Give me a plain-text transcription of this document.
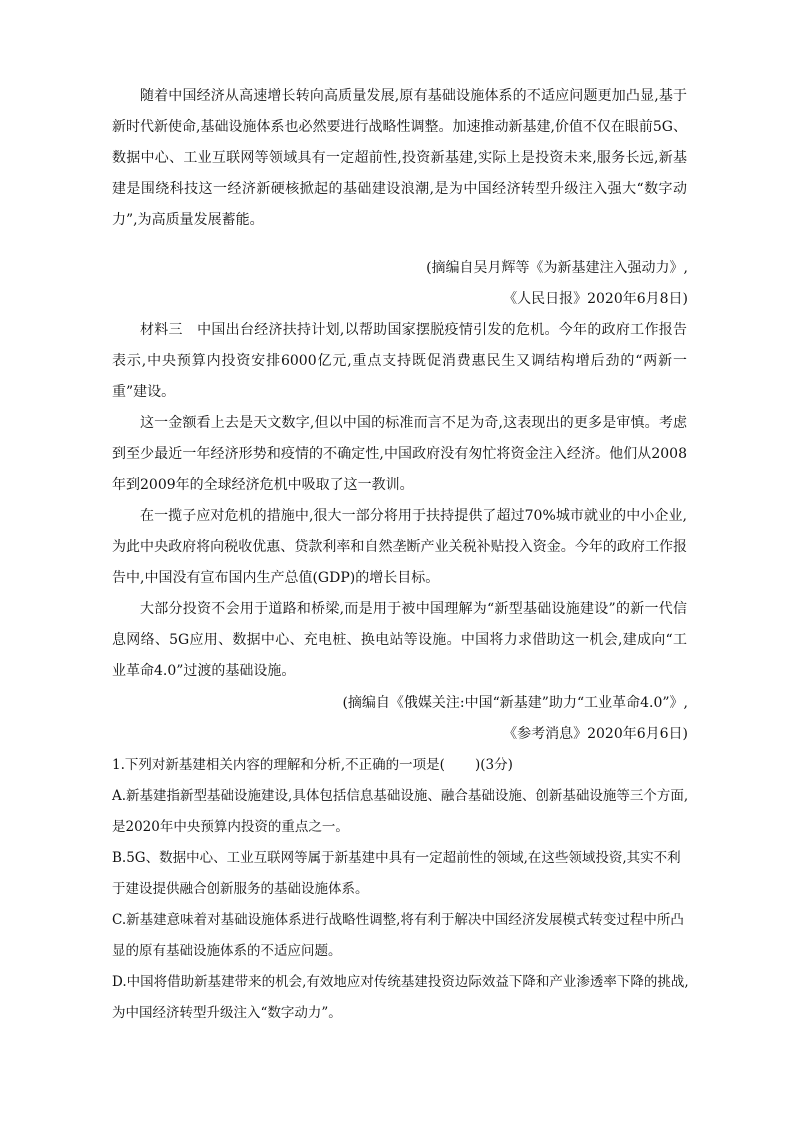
随着中国经济从高速增长转向高质量发展,原有基础设施体系的不适应问题更加凸显,基于新时代新使命,基础设施体系也必然要进行战略性调整。加速推动新基建,价值不仅在眼前5G、数据中心、工业互联网等领域具有一定超前性,投资新基建,实际上是投资未来,服务长远,新基建是围绕科技这一经济新硬核掀起的基础建设浪潮,是为中国经济转型升级注入强大“数字动力”,为高质量发展蓄能。

(摘编自吴月辉等《为新基建注入强动力》,

《人民日报》2020年6月8日)

材料三　中国出台经济扶持计划,以帮助国家摆脱疫情引发的危机。今年的政府工作报告表示,中央预算内投资安排6000亿元,重点支持既促消费惠民生又调结构增后劲的“两新一重”建设。

这一金额看上去是天文数字,但以中国的标准而言不足为奇,这表现出的更多是审慎。考虑到至少最近一年经济形势和疫情的不确定性,中国政府没有匆忙将资金注入经济。他们从2008年到2009年的全球经济危机中吸取了这一教训。

在一揽子应对危机的措施中,很大一部分将用于扶持提供了超过70%城市就业的中小企业,为此中央政府将向税收优惠、贷款利率和自然垄断产业关税补贴投入资金。今年的政府工作报告中,中国没有宣布国内生产总值(GDP)的增长目标。

大部分投资不会用于道路和桥梁,而是用于被中国理解为“新型基础设施建设”的新一代信息网络、5G应用、数据中心、充电桩、换电站等设施。中国将力求借助这一机会,建成向“工业革命4.0”过渡的基础设施。

(摘编自《俄媒关注:中国“新基建”助力“工业革命4.0”》,

《参考消息》2020年6月6日)

1.下列对新基建相关内容的理解和分析,不正确的一项是( )(3分)

A.新基建指新型基础设施建设,具体包括信息基础设施、融合基础设施、创新基础设施等三个方面,是2020年中央预算内投资的重点之一。

B.5G、数据中心、工业互联网等属于新基建中具有一定超前性的领域,在这些领域投资,其实不利于建设提供融合创新服务的基础设施体系。

C.新基建意味着对基础设施体系进行战略性调整,将有利于解决中国经济发展模式转变过程中所凸显的原有基础设施体系的不适应问题。

D.中国将借助新基建带来的机会,有效地应对传统基建投资边际效益下降和产业渗透率下降的挑战,为中国经济转型升级注入“数字动力”。
